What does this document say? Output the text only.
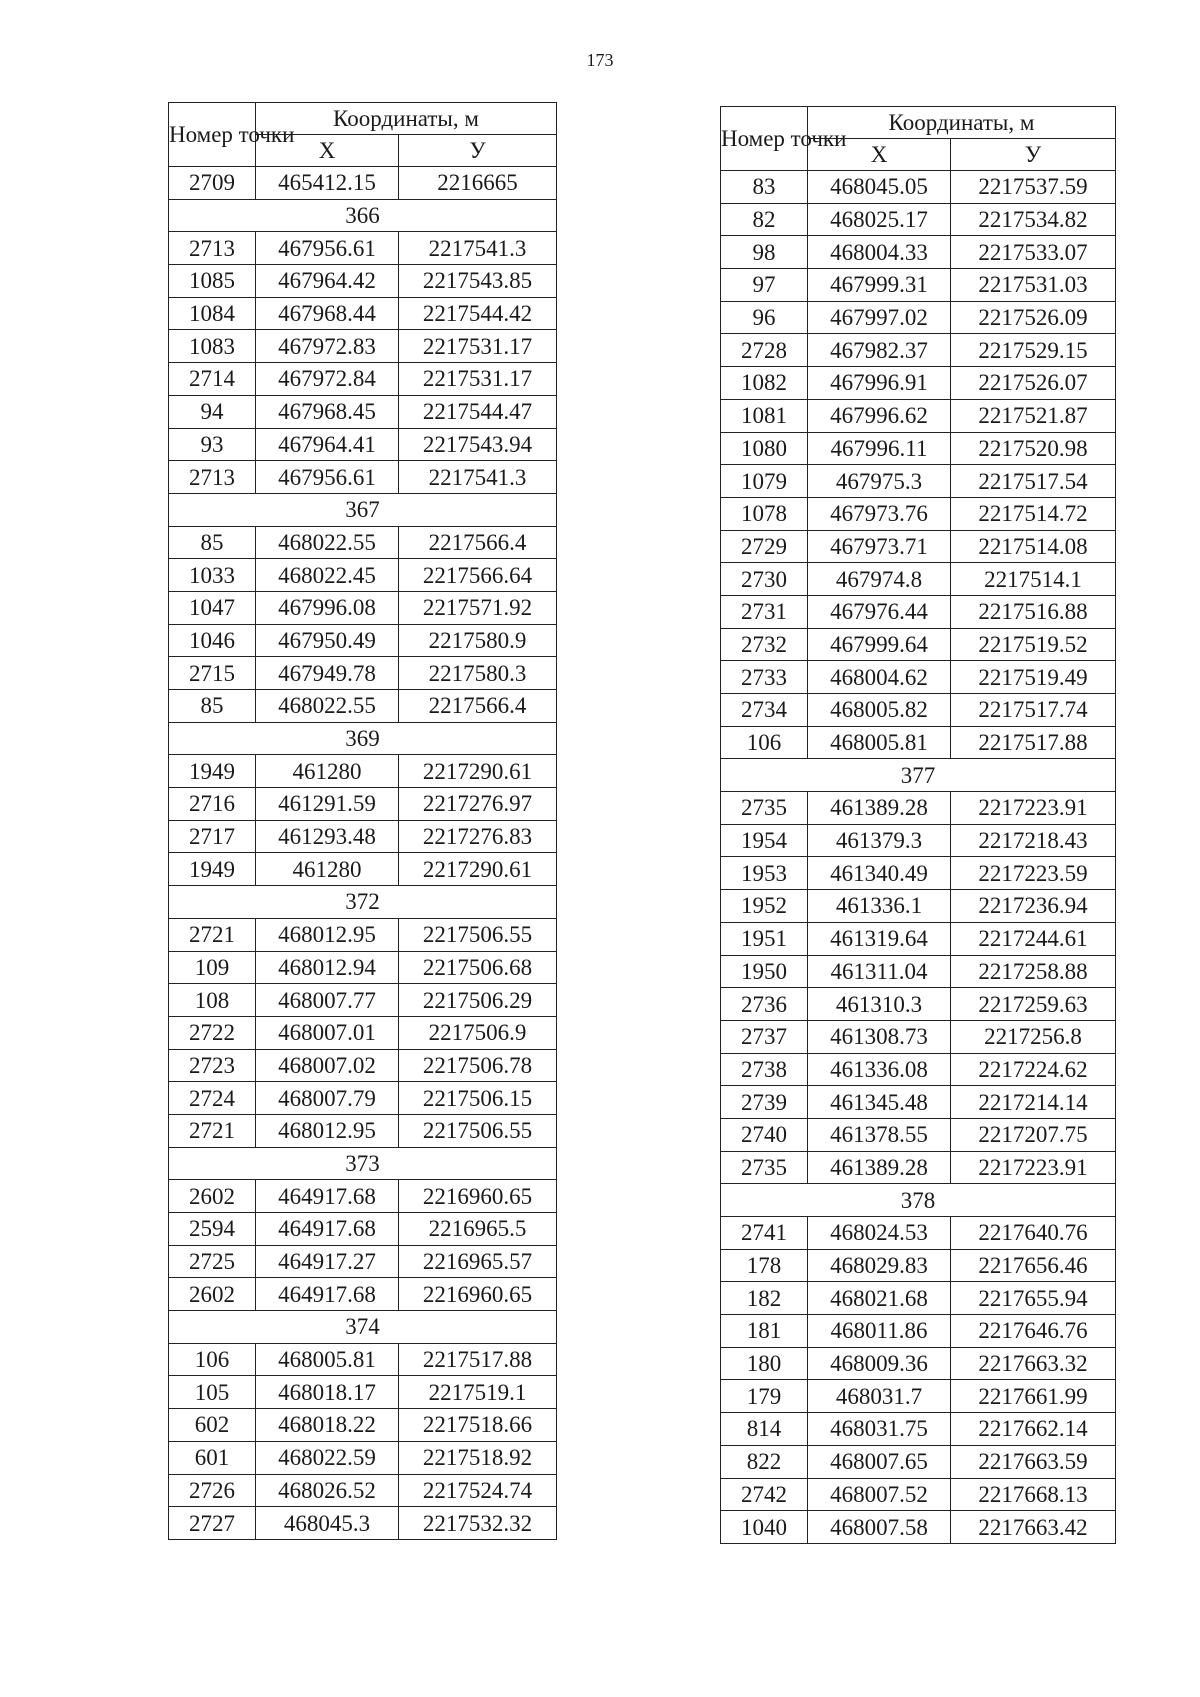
173
Номер точки	Координаты, м	
	X	У
2709	465412.15	2216665
366		
2713	467956.61	2217541.3
1085	467964.42	2217543.85
1084	467968.44	2217544.42
1083	467972.83	2217531.17
2714	467972.84	2217531.17
94	467968.45	2217544.47
93	467964.41	2217543.94
2713	467956.61	2217541.3
367		
85	468022.55	2217566.4
1033	468022.45	2217566.64
1047	467996.08	2217571.92
1046	467950.49	2217580.9
2715	467949.78	2217580.3
85	468022.55	2217566.4
369		
1949	461280	2217290.61
2716	461291.59	2217276.97
2717	461293.48	2217276.83
1949	461280	2217290.61
372		
2721	468012.95	2217506.55
109	468012.94	2217506.68
108	468007.77	2217506.29
2722	468007.01	2217506.9
2723	468007.02	2217506.78
2724	468007.79	2217506.15
2721	468012.95	2217506.55
373		
2602	464917.68	2216960.65
2594	464917.68	2216965.5
2725	464917.27	2216965.57
2602	464917.68	2216960.65
374		
106	468005.81	2217517.88
105	468018.17	2217519.1
602	468018.22	2217518.66
601	468022.59	2217518.92
2726	468026.52	2217524.74
2727	468045.3	2217532.32
Номер точки	Координаты, м	
	X	У
83	468045.05	2217537.59
82	468025.17	2217534.82
98	468004.33	2217533.07
97	467999.31	2217531.03
96	467997.02	2217526.09
2728	467982.37	2217529.15
1082	467996.91	2217526.07
1081	467996.62	2217521.87
1080	467996.11	2217520.98
1079	467975.3	2217517.54
1078	467973.76	2217514.72
2729	467973.71	2217514.08
2730	467974.8	2217514.1
2731	467976.44	2217516.88
2732	467999.64	2217519.52
2733	468004.62	2217519.49
2734	468005.82	2217517.74
106	468005.81	2217517.88
377		
2735	461389.28	2217223.91
1954	461379.3	2217218.43
1953	461340.49	2217223.59
1952	461336.1	2217236.94
1951	461319.64	2217244.61
1950	461311.04	2217258.88
2736	461310.3	2217259.63
2737	461308.73	2217256.8
2738	461336.08	2217224.62
2739	461345.48	2217214.14
2740	461378.55	2217207.75
2735	461389.28	2217223.91
378		
2741	468024.53	2217640.76
178	468029.83	2217656.46
182	468021.68	2217655.94
181	468011.86	2217646.76
180	468009.36	2217663.32
179	468031.7	2217661.99
814	468031.75	2217662.14
822	468007.65	2217663.59
2742	468007.52	2217668.13
1040	468007.58	2217663.42
